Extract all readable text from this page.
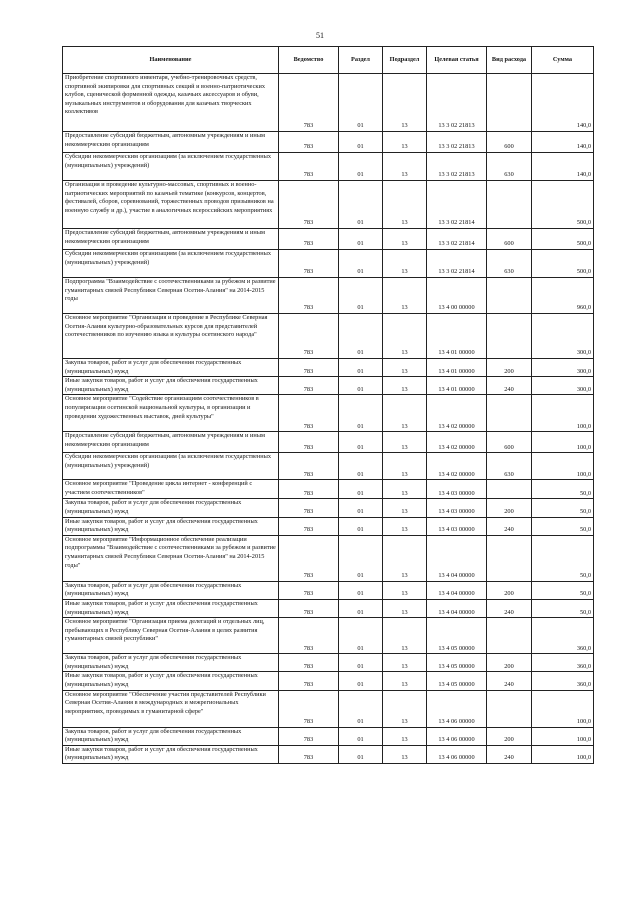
51
Наименование	Ведомство	Раздел	Подраздел	Целевая статья	Вид расхода	Сумма
Приобретение спортивного инвентаря, учебно-тренировочных средств, спортивной экипировки для спортивных секций и военно-патриотических клубов, сценической форменной одежды, казачьих аксессуаров и обуви, музыкальных инструментов и оборудования для казачьих творческих коллективов	783	01	13	13 3 02 21813		140,0
Предоставление субсидий бюджетным, автономным учреждениям и иным некоммерческим организациям	783	01	13	13 3 02 21813	600	140,0
Субсидии некоммерческим организациям (за исключением государственных (муниципальных) учреждений)	783	01	13	13 3 02 21813	630	140,0
Организация и проведение культурно-массовых, спортивных и военно-патриотических мероприятий по казачьей тематике (конкурсов, концертов, фестивалей, сборов, соревнований, торжественных проводов призывников на военную службу и др.), участие в аналогичных всероссийских мероприятиях	783	01	13	13 3 02 21814		500,0
Предоставление субсидий бюджетным, автономным учреждениям и иным некоммерческим организациям	783	01	13	13 3 02 21814	600	500,0
Субсидии некоммерческим организациям (за исключением государственных (муниципальных) учреждений)	783	01	13	13 3 02 21814	630	500,0
Подпрограмма "Взаимодействие с соотечественниками за рубежом и развитие гуманитарных связей Республики Северная Осетия-Алания" на 2014-2015 годы	783	01	13	13 4 00 00000		960,0
Основное мероприятие "Организация и проведение в Республике Северная Осетия-Алания культурно-образовательных курсов для представителей соотечественников по изучению языка и культуры осетинского народа"	783	01	13	13 4 01 00000		300,0
Закупка товаров, работ и услуг для обеспечения государственных (муниципальных) нужд	783	01	13	13 4 01 00000	200	300,0
Иные закупки товаров, работ и услуг для обеспечения государственных (муниципальных) нужд	783	01	13	13 4 01 00000	240	300,0
Основное мероприятие "Содействие организациям соотечественников в популяризации осетинской национальной культуры, в организации и проведении художественных выставок, дней культуры"	783	01	13	13 4 02 00000		100,0
Предоставление субсидий бюджетным, автономным учреждениям и иным некоммерческим организациям	783	01	13	13 4 02 00000	600	100,0
Субсидии некоммерческим организациям (за исключением государственных (муниципальных) учреждений)	783	01	13	13 4 02 00000	630	100,0
Основное мероприятие "Проведение цикла интернет - конференций с участием соотечественников"	783	01	13	13 4 03 00000		50,0
Закупка товаров, работ и услуг для обеспечения государственных (муниципальных) нужд	783	01	13	13 4 03 00000	200	50,0
Иные закупки товаров, работ и услуг для обеспечения государственных (муниципальных) нужд	783	01	13	13 4 03 00000	240	50,0
Основное мероприятие "Информационное обеспечение реализации подпрограммы "Взаимодействие с соотечественниками за рубежом и развитие гуманитарных связей Республики Северная Осетия-Алания" на 2014-2015 годы"	783	01	13	13 4 04 00000		50,0
Закупка товаров, работ и услуг для обеспечения государственных (муниципальных) нужд	783	01	13	13 4 04 00000	200	50,0
Иные закупки товаров, работ и услуг для обеспечения государственных (муниципальных) нужд	783	01	13	13 4 04 00000	240	50,0
Основное мероприятие "Организация приема делегаций и отдельных лиц, пребывающих в Республику Северная Осетия-Алания в целях развития гуманитарных связей республики"	783	01	13	13 4 05 00000		360,0
Закупка товаров, работ и услуг для обеспечения государственных (муниципальных) нужд	783	01	13	13 4 05 00000	200	360,0
Иные закупки товаров, работ и услуг для обеспечения государственных (муниципальных) нужд	783	01	13	13 4 05 00000	240	360,0
Основное мероприятие "Обеспечение участия представителей Республики Северная Осетия-Алания в международных и межрегиональных мероприятиях, проводимых в гуманитарной сфере"	783	01	13	13 4 06 00000		100,0
Закупка товаров, работ и услуг для обеспечения государственных (муниципальных) нужд	783	01	13	13 4 06 00000	200	100,0
Иные закупки товаров, работ и услуг для обеспечения государственных (муниципальных) нужд	783	01	13	13 4 06 00000	240	100,0
